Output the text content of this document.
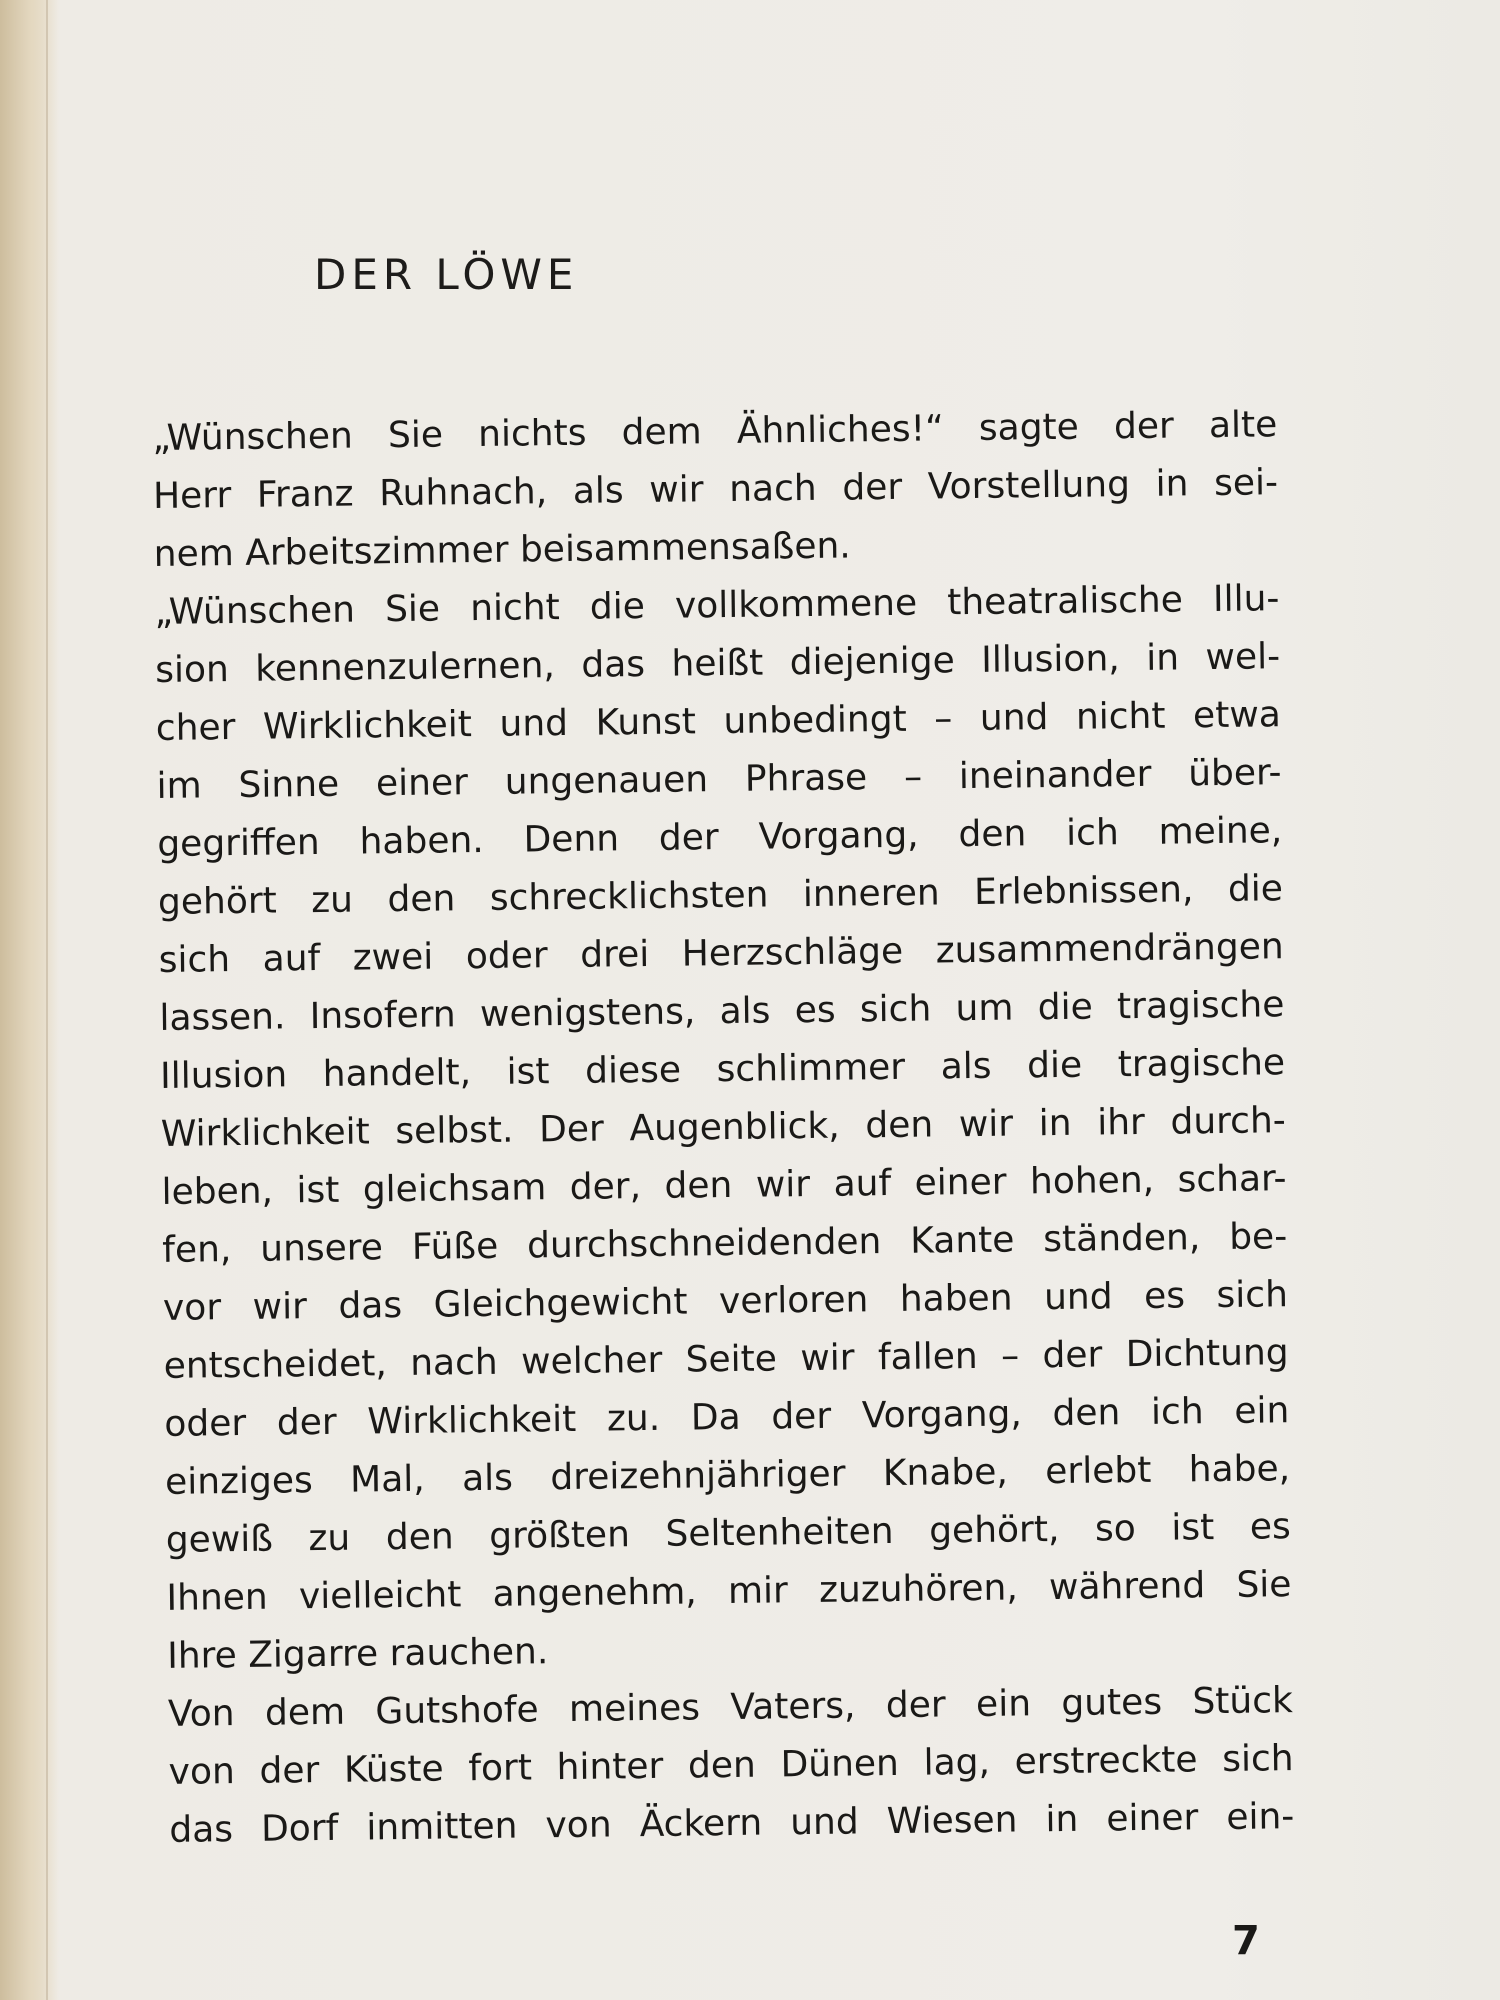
DER LÖWE
„Wünschen Sie nichts dem Ähnliches!“ sagte der alte
Herr Franz Ruhnach, als wir nach der Vorstellung in sei-
nem Arbeitszimmer beisammensaßen.
„Wünschen Sie nicht die vollkommene theatralische Illu-
sion kennenzulernen, das heißt diejenige Illusion, in wel-
cher Wirklichkeit und Kunst unbedingt – und nicht etwa
im Sinne einer ungenauen Phrase – ineinander über-
gegriffen haben. Denn der Vorgang, den ich meine,
gehört zu den schrecklichsten inneren Erlebnissen, die
sich auf zwei oder drei Herzschläge zusammendrängen
lassen. Insofern wenigstens, als es sich um die tragische
Illusion handelt, ist diese schlimmer als die tragische
Wirklichkeit selbst. Der Augenblick, den wir in ihr durch-
leben, ist gleichsam der, den wir auf einer hohen, schar-
fen, unsere Füße durchschneidenden Kante ständen, be-
vor wir das Gleichgewicht verloren haben und es sich
entscheidet, nach welcher Seite wir fallen – der Dichtung
oder der Wirklichkeit zu. Da der Vorgang, den ich ein
einziges Mal, als dreizehnjähriger Knabe, erlebt habe,
gewiß zu den größten Seltenheiten gehört, so ist es
Ihnen vielleicht angenehm, mir zuzuhören, während Sie
Ihre Zigarre rauchen.
Von dem Gutshofe meines Vaters, der ein gutes Stück
von der Küste fort hinter den Dünen lag, erstreckte sich
das Dorf inmitten von Äckern und Wiesen in einer ein-
7
